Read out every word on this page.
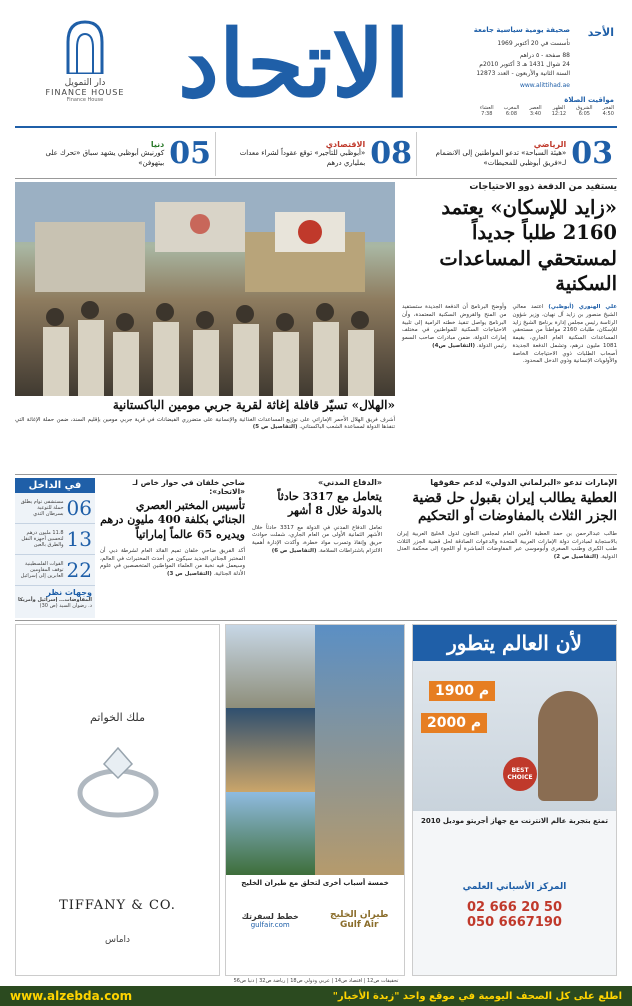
الأحد
صحيفة يومية سياسية جامعة
تأسست في 20 أكتوبر 1969
88 صفحة - ٥ دراهم
24 شوال 1431 هـ 3 أكتوبر 2010م
السنة الثانية والأربعون - العدد 12873
www.alittihad.ae
مواقيت الصلاة
الفجر
4:50
الشروق
6:05
الظهر
12:12
العصر
3:40
المغرب
6:08
العشاء
7:38
الاتحاد
دار التمويل
FINANCE HOUSE
Finance House
03
الرياضي
«هيئة السباحة» تدعو المواطنين إلى الانضمام لـ«فريق أبوظبي للمحيطات»
08
الاقتصادي
«أبوظبي للتأجير» توقع عقوداً لشراء معدات بملياري درهم
05
دنيا
كورنيش أبوظبي يشهد سباق «تحرك على بيتهوفن»
يستفيد من الدفعة ذوو الاحتياجات
«زايد للإسكان» يعتمد 2160 طلباً جديداً لمستحقي المساعدات السكنية
علي الهنوري (أبوظبي) اعتمد معالي الشيخ منصور بن زايد آل نهيان، وزير شؤون الرئاسة رئيس مجلس إدارة برنامج الشيخ زايد للإسكان، طلبات 2160 مواطناً من مستحقي المساعدات السكنية العام الجاري، بقيمة 1081 مليون درهم، وتشمل الدفعة الجديدة أصحاب الطلبات ذوي الاحتياجات الخاصة والأولويات الإنسانية وذوي الدخل المحدود.
وأوضح البرنامج أن الدفعة الجديدة ستستفيد من المنح والقروض السكنية المعتمدة، وأن البرنامج يواصل تنفيذ خطته الرامية إلى تلبية الاحتياجات السكنية للمواطنين في مختلف إمارات الدولة، ضمن مبادرات صاحب السمو رئيس الدولة. (التفاصيل ص4)
«الهلال» تسيّر قافلة إغاثة لقرية جربي مومين الباكستانية
أشرف فريق الهلال الأحمر الإماراتي على توزيع المساعدات الغذائية والإنسانية على متضرري الفيضانات في قرية جربي مومين بإقليم السند، ضمن حملة الإغاثة التي تنفذها الدولة لمساعدة الشعب الباكستاني. (التفاصيل ص 5)
الإمارات تدعو «البرلماني الدولي» لدعم حقوقها
العطية يطالب إيران بقبول حل قضية الجزر الثلاث بالمفاوضات أو التحكيم
طالب عبدالرحمن بن حمد العطية الأمين العام لمجلس التعاون لدول الخليج العربية إيران بالاستجابة لمبادرات دولة الإمارات العربية المتحدة والدعوات الصادقة لحل قضية الجزر الثلاث طنب الكبرى وطنب الصغرى وأبوموسى عبر المفاوضات المباشرة أو اللجوء إلى محكمة العدل الدولية. (التفاصيل ص 2)
«الدفاع المدني»
يتعامل مع 3317 حادثاً بالدولة خلال 8 أشهر
تعامل الدفاع المدني في الدولة مع 3317 حادثاً خلال الأشهر الثمانية الأولى من العام الجاري، شملت حوادث حريق وإنقاذ وتسرب مواد خطرة، وأكدت الإدارة أهمية الالتزام باشتراطات السلامة. (التفاصيل ص 6)
ضاحي خلفان في حوار خاص لـ «الاتحاد»:
تأسيس المختبر العصري الجنائي بكلفة 400 مليون درهم ويديره 65 عالماً إماراتياً
أكد الفريق ضاحي خلفان تميم القائد العام لشرطة دبي أن المختبر الجنائي الجديد سيكون من أحدث المختبرات في العالم، وسيعمل فيه نخبة من العلماء المواطنين المتخصصين في علوم الأدلة الجنائية. (التفاصيل ص 3)
في الداخل
06
مستشفى توام يطلق حملة للتوعية بسرطان الثدي
13
11.8 مليون درهم لتحسين أجهزة النقل والطرق بالعين
22
القوات الفلسطينية توقف المقاومين العابرين إلى إسرائيل
وجهات نظر
المفاوضات... إسرائيل وأمريكا
د. رضوان السيد (ص 30)
لأن العالم يتطور
1900 م
2000 م
BEST CHOICE
تمتع بتجربة عالم الانترنت مع جهاز أجريتو موديل 2010
المركز الأسباني العلمي
02 666 20 50
050 6667190
خمسة أسباب أخرى لتحلق مع طيران الخليج
طيران الخليج
Gulf Air
خطط لسفرتك
gulfair.com
ملك الخواتم
TIFFANY & CO.
داماس
تحقيقات ص12 | اقتصاد ص14 | عربي ودولي ص18 | رياضة ص32 | دنيا ص56
اطلع على كل الصحف اليومية في موقع واحد "زبدة الأخبار"
www.alzebda.com
